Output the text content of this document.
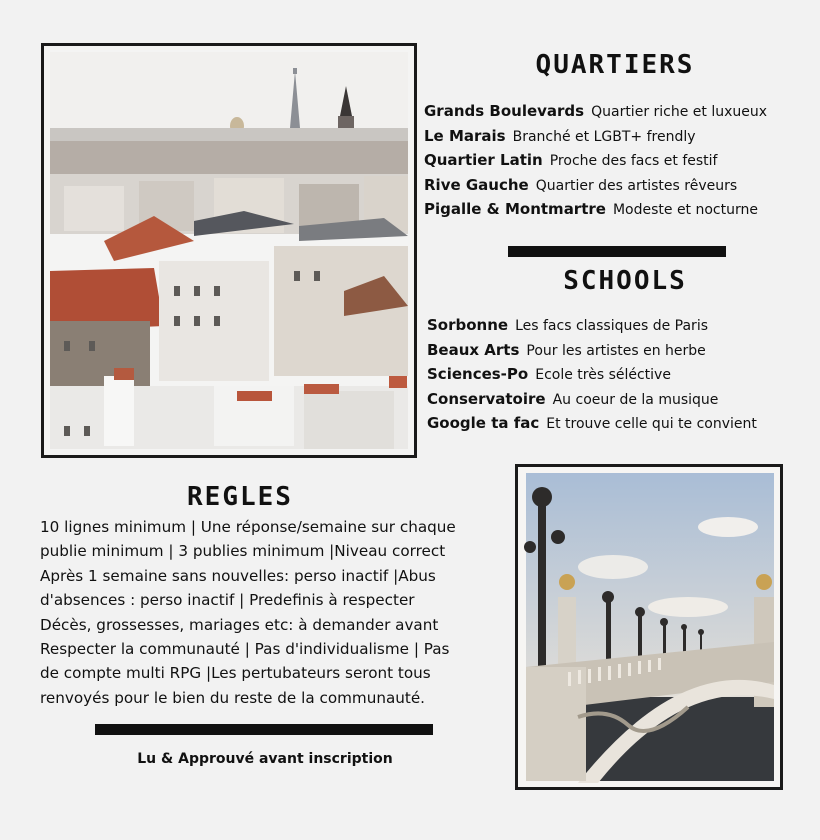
QUARTIERS
Grands Boulevards Quartier riche et luxueux
Le Marais Branché et LGBT+ frendly
Quartier Latin Proche des facs et festif
Rive Gauche Quartier des artistes rêveurs
Pigalle & Montmartre Modeste et nocturne
SCHOOLS
Sorbonne Les facs classiques de Paris
Beaux Arts Pour les artistes en herbe
Sciences-Po Ecole très séléctive
Conservatoire Au coeur de la musique
Google ta fac Et trouve celle qui te convient
REGLES
10 lignes minimum | Une réponse/semaine sur chaque
publie minimum | 3 publies minimum |Niveau correct
Après 1 semaine sans nouvelles: perso inactif |Abus
d'absences : perso inactif | Predefinis à respecter
Décès, grossesses, mariages etc: à demander avant
Respecter la communauté | Pas d'individualisme | Pas
de compte multi RPG |Les pertubateurs seront tous
renvoyés pour le bien du reste de la communauté.
Lu & Approuvé avant inscription
